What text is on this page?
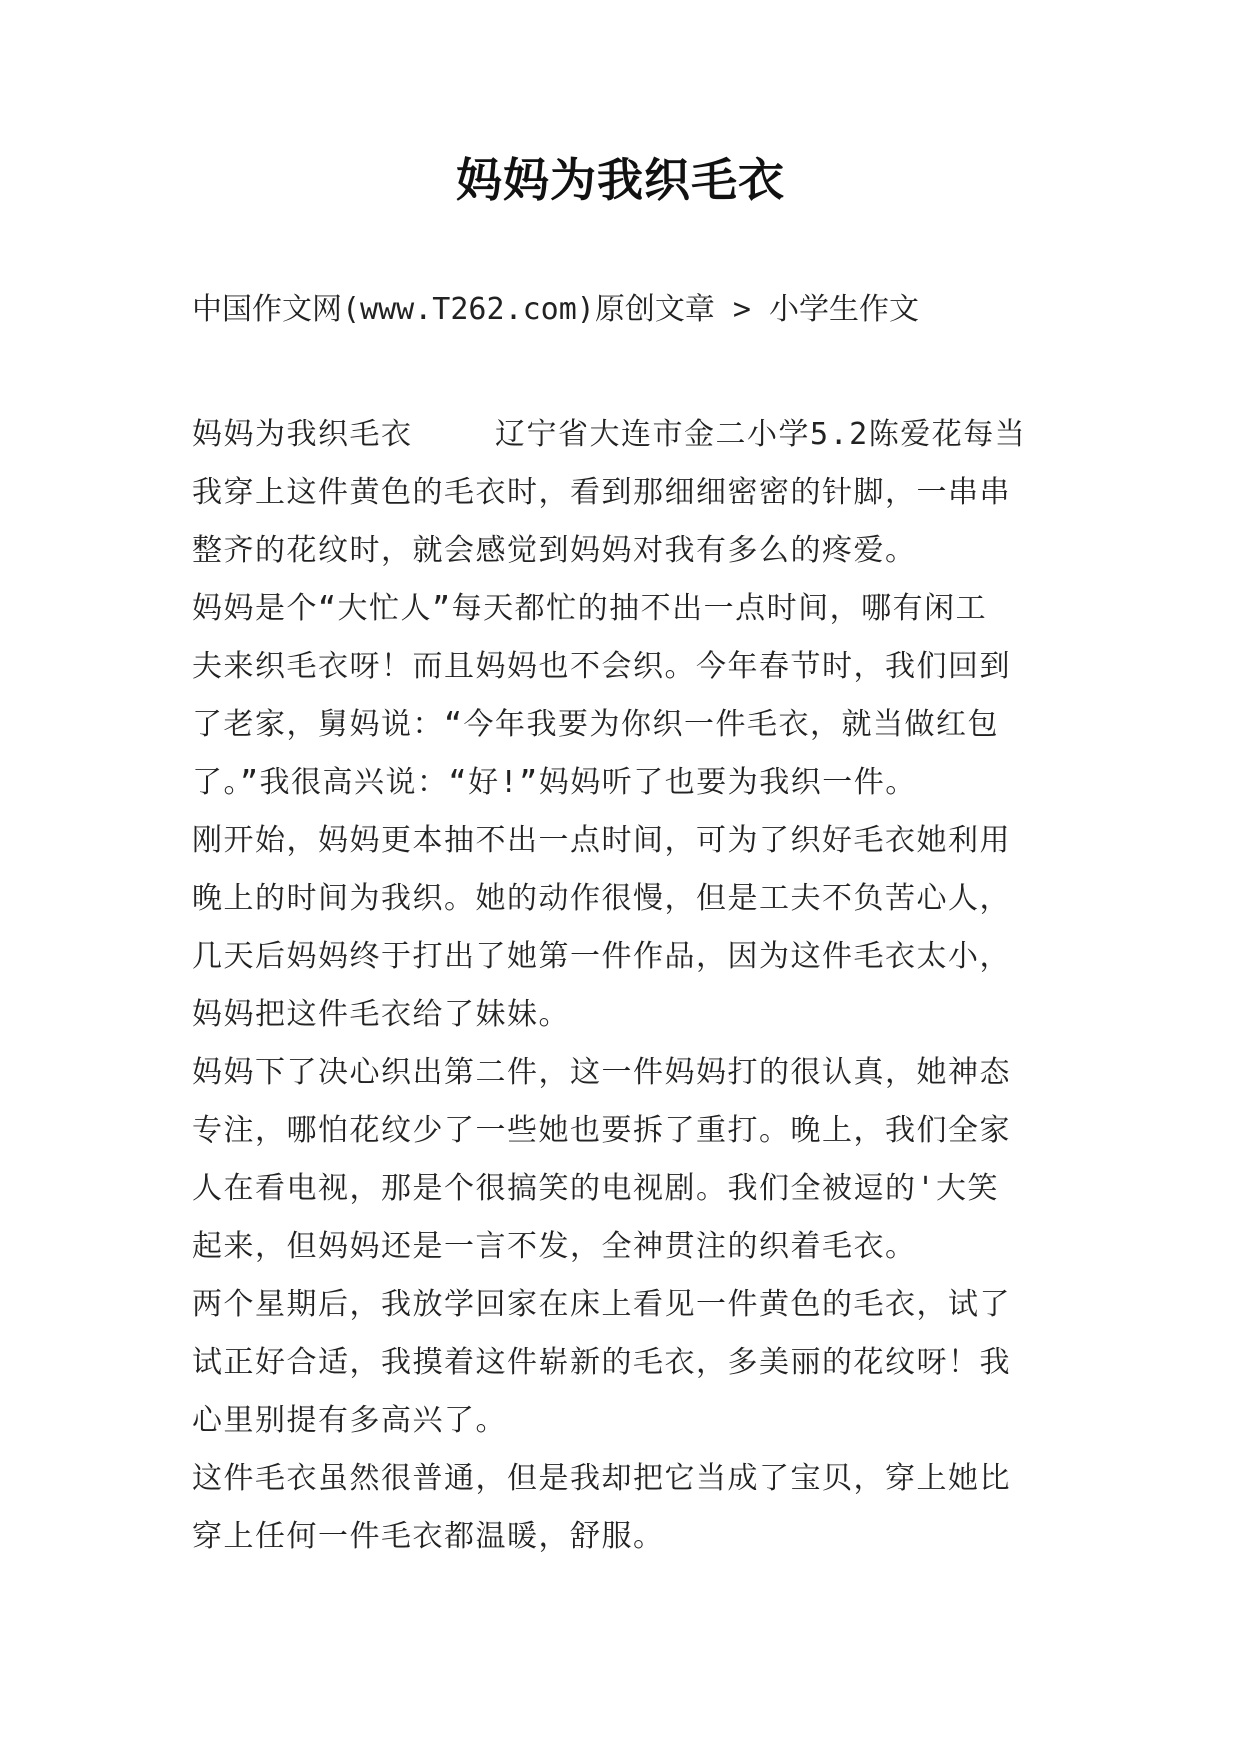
妈妈为我织毛衣
中国作文网(www.T262.com)原创文章 > 小学生作文
妈妈为我织毛衣　　 辽宁省大连市金二小学5.2陈爱花每当
我穿上这件黄色的毛衣时，看到那细细密密的针脚，一串串
整齐的花纹时，就会感觉到妈妈对我有多么的疼爱。
妈妈是个“大忙人”每天都忙的抽不出一点时间，哪有闲工
夫来织毛衣呀！而且妈妈也不会织。今年春节时，我们回到
了老家，舅妈说：“今年我要为你织一件毛衣，就当做红包
了。”我很高兴说：“好!”妈妈听了也要为我织一件。
刚开始，妈妈更本抽不出一点时间，可为了织好毛衣她利用
晚上的时间为我织。她的动作很慢，但是工夫不负苦心人，
几天后妈妈终于打出了她第一件作品，因为这件毛衣太小，
妈妈把这件毛衣给了妹妹。
妈妈下了决心织出第二件，这一件妈妈打的很认真，她神态
专注，哪怕花纹少了一些她也要拆了重打。晚上，我们全家
人在看电视，那是个很搞笑的电视剧。我们全被逗的'大笑
起来，但妈妈还是一言不发，全神贯注的织着毛衣。
两个星期后，我放学回家在床上看见一件黄色的毛衣，试了
试正好合适，我摸着这件崭新的毛衣，多美丽的花纹呀！我
心里别提有多高兴了。
这件毛衣虽然很普通，但是我却把它当成了宝贝，穿上她比
穿上任何一件毛衣都温暖，舒服。
